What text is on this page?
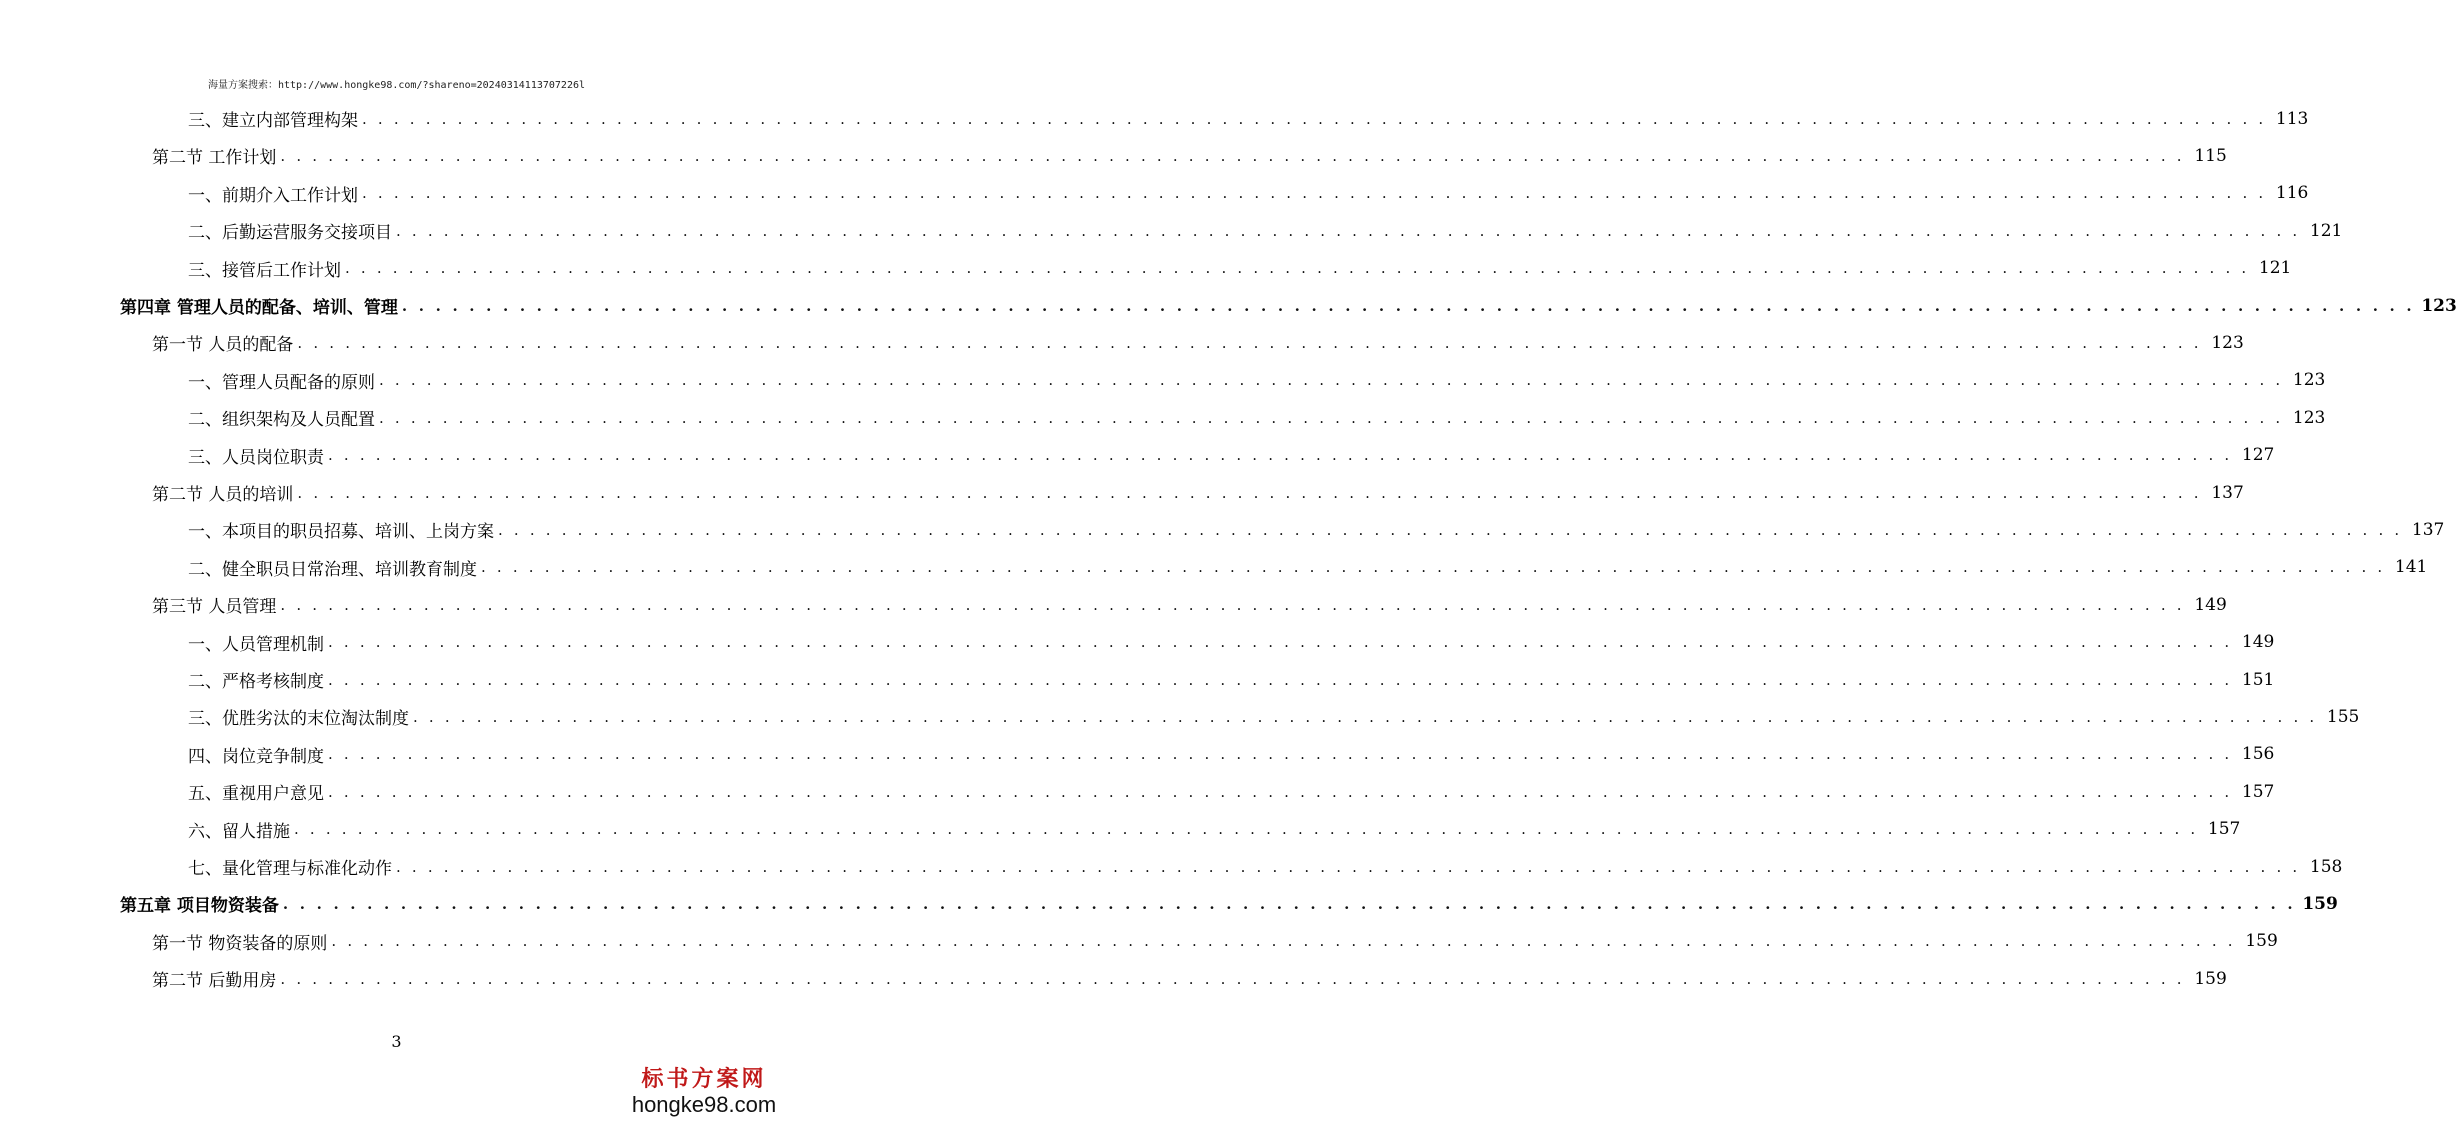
海量方案搜索：http://www.hongke98.com/?shareno=20240314113707226l
三、建立内部管理构架 . . . . . . . . . . . . . . . . . . . . . . . . . . . . . . . . . . . . . . . . . . . . . . . . . . . . . . . . . . . . . . . . . . . . . . . . . . . . . . . . . . . . . . . . . . . . . . . . . . . . . . . . . . . . . . . . . . . . . . . . 113
第二节 工作计划 . . . . . . . . . . . . . . . . . . . . . . . . . . . . . . . . . . . . . . . . . . . . . . . . . . . . . . . . . . . . . . . . . . . . . . . . . . . . . . . . . . . . . . . . . . . . . . . . . . . . . . . . . . . . . . . . . . . . . . . . 115
一、前期介入工作计划 . . . . . . . . . . . . . . . . . . . . . . . . . . . . . . . . . . . . . . . . . . . . . . . . . . . . . . . . . . . . . . . . . . . . . . . . . . . . . . . . . . . . . . . . . . . . . . . . . . . . . . . . . . . . . . . . . . . . . . . . 116
二、后勤运营服务交接项目 . . . . . . . . . . . . . . . . . . . . . . . . . . . . . . . . . . . . . . . . . . . . . . . . . . . . . . . . . . . . . . . . . . . . . . . . . . . . . . . . . . . . . . . . . . . . . . . . . . . . . . . . . . . . . . . . . . . . . . . . 121
三、接管后工作计划 . . . . . . . . . . . . . . . . . . . . . . . . . . . . . . . . . . . . . . . . . . . . . . . . . . . . . . . . . . . . . . . . . . . . . . . . . . . . . . . . . . . . . . . . . . . . . . . . . . . . . . . . . . . . . . . . . . . . . . . . 121
第四章 管理人员的配备、培训、管理 . . . . . . . . . . . . . . . . . . . . . . . . . . . . . . . . . . . . . . . . . . . . . . . . . . . . . . . . . . . . . . . . . . . . . . . . . . . . . . . . . . . . . . . . . . . . . . . . . . . . . . . . . . . . . . . . . . . . . . . . 123
第一节 人员的配备 . . . . . . . . . . . . . . . . . . . . . . . . . . . . . . . . . . . . . . . . . . . . . . . . . . . . . . . . . . . . . . . . . . . . . . . . . . . . . . . . . . . . . . . . . . . . . . . . . . . . . . . . . . . . . . . . . . . . . . . . 123
一、管理人员配备的原则 . . . . . . . . . . . . . . . . . . . . . . . . . . . . . . . . . . . . . . . . . . . . . . . . . . . . . . . . . . . . . . . . . . . . . . . . . . . . . . . . . . . . . . . . . . . . . . . . . . . . . . . . . . . . . . . . . . . . . . . . 123
二、组织架构及人员配置 . . . . . . . . . . . . . . . . . . . . . . . . . . . . . . . . . . . . . . . . . . . . . . . . . . . . . . . . . . . . . . . . . . . . . . . . . . . . . . . . . . . . . . . . . . . . . . . . . . . . . . . . . . . . . . . . . . . . . . . . 123
三、人员岗位职责 . . . . . . . . . . . . . . . . . . . . . . . . . . . . . . . . . . . . . . . . . . . . . . . . . . . . . . . . . . . . . . . . . . . . . . . . . . . . . . . . . . . . . . . . . . . . . . . . . . . . . . . . . . . . . . . . . . . . . . . . 127
第二节 人员的培训 . . . . . . . . . . . . . . . . . . . . . . . . . . . . . . . . . . . . . . . . . . . . . . . . . . . . . . . . . . . . . . . . . . . . . . . . . . . . . . . . . . . . . . . . . . . . . . . . . . . . . . . . . . . . . . . . . . . . . . . . 137
一、本项目的职员招募、培训、上岗方案 . . . . . . . . . . . . . . . . . . . . . . . . . . . . . . . . . . . . . . . . . . . . . . . . . . . . . . . . . . . . . . . . . . . . . . . . . . . . . . . . . . . . . . . . . . . . . . . . . . . . . . . . . . . . . . . . . . . . . . . . 137
二、健全职员日常治理、培训教育制度 . . . . . . . . . . . . . . . . . . . . . . . . . . . . . . . . . . . . . . . . . . . . . . . . . . . . . . . . . . . . . . . . . . . . . . . . . . . . . . . . . . . . . . . . . . . . . . . . . . . . . . . . . . . . . . . . . . . . . . . . 141
第三节 人员管理 . . . . . . . . . . . . . . . . . . . . . . . . . . . . . . . . . . . . . . . . . . . . . . . . . . . . . . . . . . . . . . . . . . . . . . . . . . . . . . . . . . . . . . . . . . . . . . . . . . . . . . . . . . . . . . . . . . . . . . . . 149
一、人员管理机制 . . . . . . . . . . . . . . . . . . . . . . . . . . . . . . . . . . . . . . . . . . . . . . . . . . . . . . . . . . . . . . . . . . . . . . . . . . . . . . . . . . . . . . . . . . . . . . . . . . . . . . . . . . . . . . . . . . . . . . . . 149
二、严格考核制度 . . . . . . . . . . . . . . . . . . . . . . . . . . . . . . . . . . . . . . . . . . . . . . . . . . . . . . . . . . . . . . . . . . . . . . . . . . . . . . . . . . . . . . . . . . . . . . . . . . . . . . . . . . . . . . . . . . . . . . . . 151
三、优胜劣汰的末位淘汰制度 . . . . . . . . . . . . . . . . . . . . . . . . . . . . . . . . . . . . . . . . . . . . . . . . . . . . . . . . . . . . . . . . . . . . . . . . . . . . . . . . . . . . . . . . . . . . . . . . . . . . . . . . . . . . . . . . . . . . . . . . 155
四、岗位竞争制度 . . . . . . . . . . . . . . . . . . . . . . . . . . . . . . . . . . . . . . . . . . . . . . . . . . . . . . . . . . . . . . . . . . . . . . . . . . . . . . . . . . . . . . . . . . . . . . . . . . . . . . . . . . . . . . . . . . . . . . . . 156
五、重视用户意见 . . . . . . . . . . . . . . . . . . . . . . . . . . . . . . . . . . . . . . . . . . . . . . . . . . . . . . . . . . . . . . . . . . . . . . . . . . . . . . . . . . . . . . . . . . . . . . . . . . . . . . . . . . . . . . . . . . . . . . . . 157
六、留人措施 . . . . . . . . . . . . . . . . . . . . . . . . . . . . . . . . . . . . . . . . . . . . . . . . . . . . . . . . . . . . . . . . . . . . . . . . . . . . . . . . . . . . . . . . . . . . . . . . . . . . . . . . . . . . . . . . . . . . . . . . 157
七、量化管理与标准化动作 . . . . . . . . . . . . . . . . . . . . . . . . . . . . . . . . . . . . . . . . . . . . . . . . . . . . . . . . . . . . . . . . . . . . . . . . . . . . . . . . . . . . . . . . . . . . . . . . . . . . . . . . . . . . . . . . . . . . . . . . 158
第五章 项目物资装备 . . . . . . . . . . . . . . . . . . . . . . . . . . . . . . . . . . . . . . . . . . . . . . . . . . . . . . . . . . . . . . . . . . . . . . . . . . . . . . . . . . . . . . . . . . . . . . . . . . . . . . . . . . . . . . . . . . . . . . . . 159
第一节 物资装备的原则 . . . . . . . . . . . . . . . . . . . . . . . . . . . . . . . . . . . . . . . . . . . . . . . . . . . . . . . . . . . . . . . . . . . . . . . . . . . . . . . . . . . . . . . . . . . . . . . . . . . . . . . . . . . . . . . . . . . . . . . . 159
第二节 后勤用房 . . . . . . . . . . . . . . . . . . . . . . . . . . . . . . . . . . . . . . . . . . . . . . . . . . . . . . . . . . . . . . . . . . . . . . . . . . . . . . . . . . . . . . . . . . . . . . . . . . . . . . . . . . . . . . . . . . . . . . . . 159
3
标书方案网
hongke98.com
